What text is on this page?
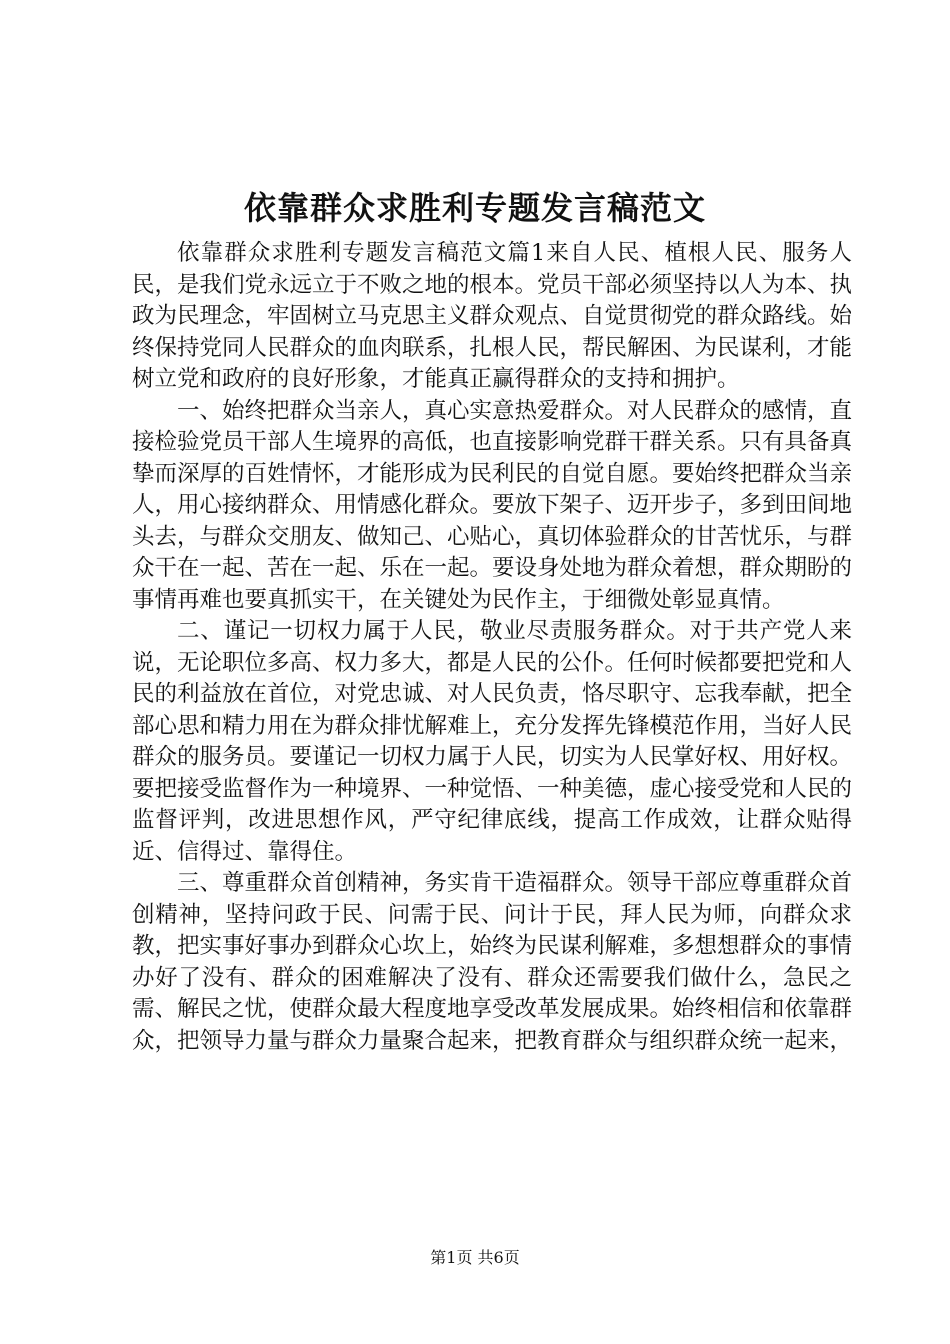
依靠群众求胜利专题发言稿范文

依靠群众求胜利专题发言稿范文篇1来自人民、植根人民、服务人民，是我们党永远立于不败之地的根本。党员干部必须坚持以人为本、执政为民理念，牢固树立马克思主义群众观点、自觉贯彻党的群众路线。始终保持党同人民群众的血肉联系，扎根人民，帮民解困、为民谋利，才能树立党和政府的良好形象，才能真正赢得群众的支持和拥护。

一、始终把群众当亲人，真心实意热爱群众。对人民群众的感情，直接检验党员干部人生境界的高低，也直接影响党群干群关系。只有具备真挚而深厚的百姓情怀，才能形成为民利民的自觉自愿。要始终把群众当亲人，用心接纳群众、用情感化群众。要放下架子、迈开步子，多到田间地头去，与群众交朋友、做知己、心贴心，真切体验群众的甘苦忧乐，与群众干在一起、苦在一起、乐在一起。要设身处地为群众着想，群众期盼的事情再难也要真抓实干，在关键处为民作主，于细微处彰显真情。

二、谨记一切权力属于人民，敬业尽责服务群众。对于共产党人来说，无论职位多高、权力多大，都是人民的公仆。任何时候都要把党和人民的利益放在首位，对党忠诚、对人民负责，恪尽职守、忘我奉献，把全部心思和精力用在为群众排忧解难上，充分发挥先锋模范作用，当好人民群众的服务员。要谨记一切权力属于人民，切实为人民掌好权、用好权。要把接受监督作为一种境界、一种觉悟、一种美德，虚心接受党和人民的监督评判，改进思想作风，严守纪律底线，提高工作成效，让群众贴得近、信得过、靠得住。

三、尊重群众首创精神，务实肯干造福群众。领导干部应尊重群众首创精神，坚持问政于民、问需于民、问计于民，拜人民为师，向群众求教，把实事好事办到群众心坎上，始终为民谋利解难，多想想群众的事情办好了没有、群众的困难解决了没有、群众还需要我们做什么，急民之需、解民之忧，使群众最大程度地享受改革发展成果。始终相信和依靠群众，把领导力量与群众力量聚合起来，把教育群众与组织群众统一起来，

第1页 共6页
